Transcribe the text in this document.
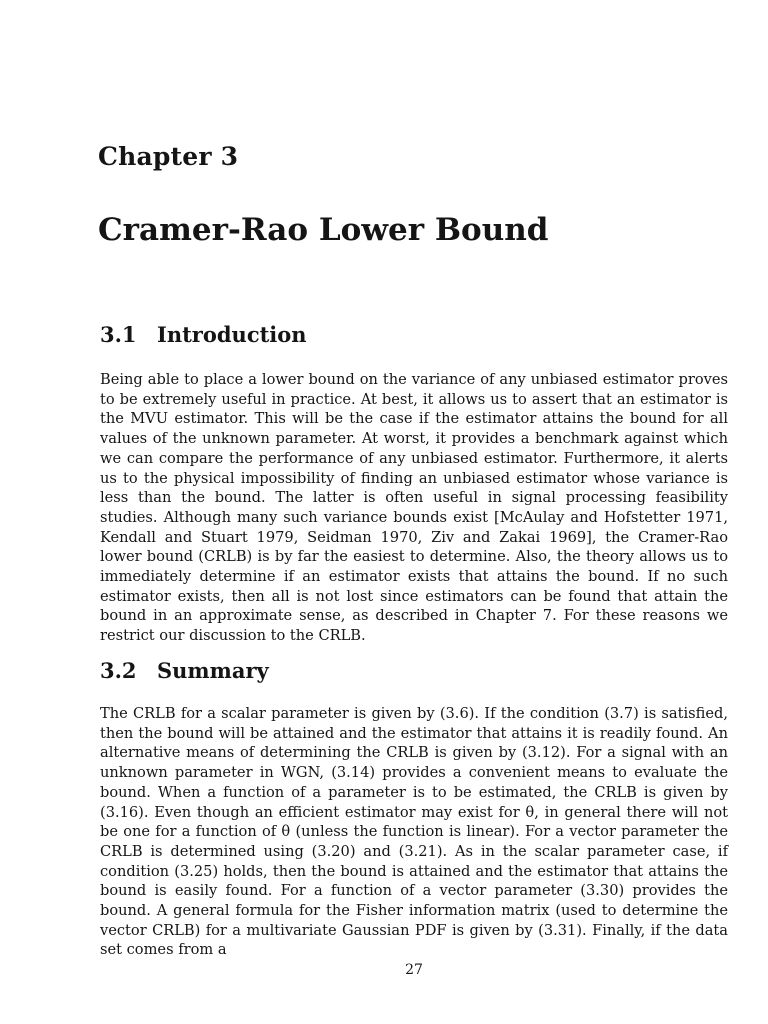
Chapter 3
Cramer-Rao Lower Bound
3.1 Introduction

Being able to place a lower bound on the variance of any unbiased estimator proves to be extremely useful in practice. At best, it allows us to assert that an estimator is the MVU estimator. This will be the case if the estimator attains the bound for all values of the unknown parameter. At worst, it provides a benchmark against which we can compare the performance of any unbiased estimator. Furthermore, it alerts us to the physical impossibility of finding an unbiased estimator whose variance is less than the bound. The latter is often useful in signal processing feasibility studies. Although many such variance bounds exist [McAulay and Hofstetter 1971, Kendall and Stuart 1979, Seidman 1970, Ziv and Zakai 1969], the Cramer-Rao lower bound (CRLB) is by far the easiest to determine. Also, the theory allows us to immediately determine if an estimator exists that attains the bound. If no such estimator exists, then all is not lost since estimators can be found that attain the bound in an approximate sense, as described in Chapter 7. For these reasons we restrict our discussion to the CRLB.

3.2 Summary

The CRLB for a scalar parameter is given by (3.6). If the condition (3.7) is satisfied, then the bound will be attained and the estimator that attains it is readily found. An alternative means of determining the CRLB is given by (3.12). For a signal with an unknown parameter in WGN, (3.14) provides a convenient means to evaluate the bound. When a function of a parameter is to be estimated, the CRLB is given by (3.16). Even though an efficient estimator may exist for θ, in general there will not be one for a function of θ (unless the function is linear). For a vector parameter the CRLB is determined using (3.20) and (3.21). As in the scalar parameter case, if condition (3.25) holds, then the bound is attained and the estimator that attains the bound is easily found. For a function of a vector parameter (3.30) provides the bound. A general formula for the Fisher information matrix (used to determine the vector CRLB) for a multivariate Gaussian PDF is given by (3.31). Finally, if the data set comes from a

27
